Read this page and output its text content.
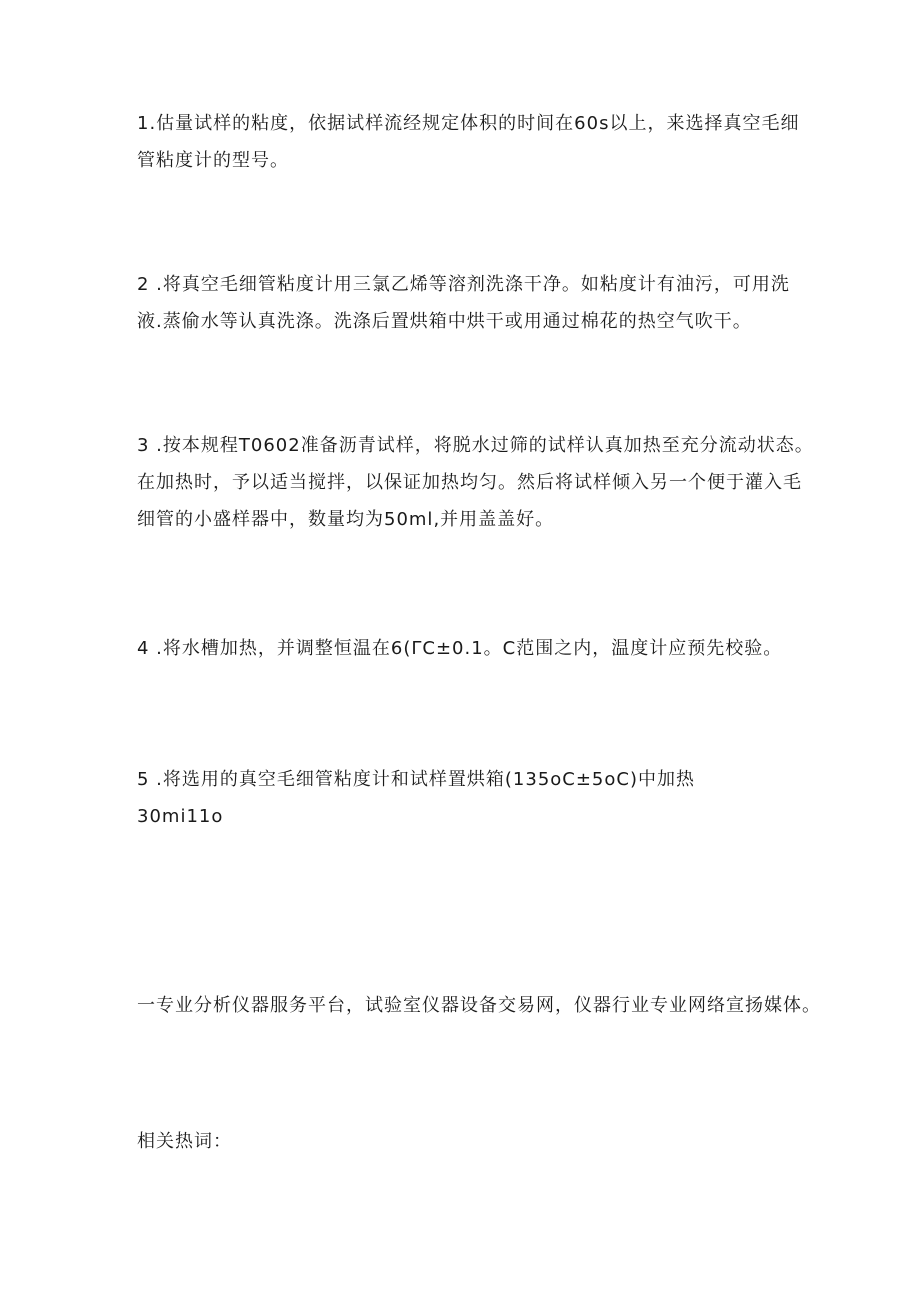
1.估量试样的粘度，依据试样流经规定体积的时间在60s以上，来选择真空毛细
管粘度计的型号。

2 .将真空毛细管粘度计用三氯乙烯等溶剂洗涤干净。如粘度计有油污，可用洗
液.蒸偷水等认真洗涤。洗涤后置烘箱中烘干或用通过棉花的热空气吹干。

3 .按本规程T0602准备沥青试样，将脱水过筛的试样认真加热至充分流动状态。
在加热时，予以适当搅拌，以保证加热均匀。然后将试样倾入另一个便于灌入毛
细管的小盛样器中，数量均为50ml,并用盖盖好。

4 .将水槽加热，并调整恒温在6(ΓC±0.1。C范围之内，温度计应预先校验。

5 .将选用的真空毛细管粘度计和试样置烘箱(135oC±5oC)中加热
30mi11o

一专业分析仪器服务平台，试验室仪器设备交易网，仪器行业专业网络宣扬媒体。

相关热词：
